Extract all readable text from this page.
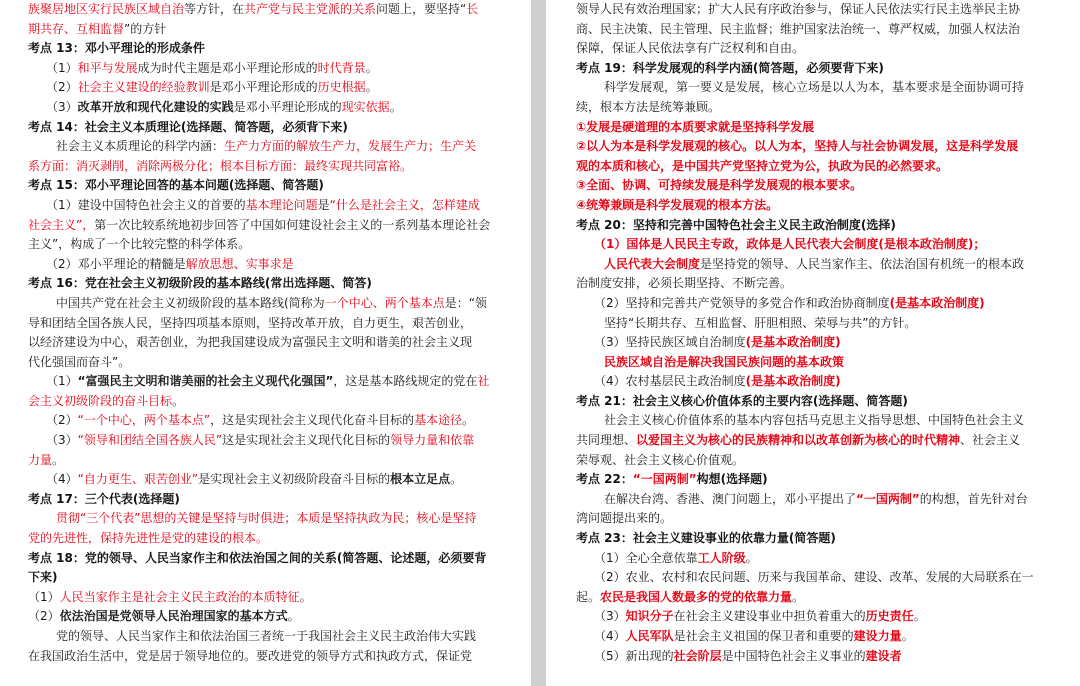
族聚居地区实行民族区域自治等方针，在共产党与民主党派的关系问题上，要坚持“长
期共存、互相监督”的方针
考点 13：邓小平理论的形成条件
（1）和平与发展成为时代主题是邓小平理论形成的时代背景。
（2）社会主义建设的经验教训是邓小平理论形成的历史根据。
（3）改革开放和现代化建设的实践是邓小平理论形成的现实依据。
考点 14：社会主义本质理论(选择题、简答题，必须背下来)
社会主义本质理论的科学内涵：生产力方面的解放生产力，发展生产力；生产关
系方面：消灭剥削，消除两极分化；根本目标方面：最终实现共同富裕。
考点 15：邓小平理论回答的基本问题(选择题、简答题)
（1）建设中国特色社会主义的首要的基本理论问题是“什么是社会主义，怎样建成
社会主义”，第一次比较系统地初步回答了中国如何建设社会主义的一系列基本理论社会
主义”，构成了一个比较完整的科学体系。
（2）邓小平理论的精髓是解放思想、实事求是
考点 16：党在社会主义初级阶段的基本路线(常出选择题、简答)
中国共产党在社会主义初级阶段的基本路线(简称为一个中心、两个基本点是：“领
导和团结全国各族人民，坚持四项基本原则，坚持改革开放，自力更生，艰苦创业，
以经济建设为中心，艰苦创业，为把我国建设成为富强民主文明和谐美的社会主义现
代化强国而奋斗”。
（1）“富强民主文明和谐美丽的社会主义现代化强国”，这是基本路线规定的党在社
会主义初级阶段的奋斗目标。
（2）“一个中心，两个基本点”，这是实现社会主义现代化奋斗目标的基本途径。
（3）“领导和团结全国各族人民”这是实现社会主义现代化目标的领导力量和依靠
力量。
（4）“自力更生、艰苦创业”是实现社会主义初级阶段奋斗目标的根本立足点。
考点 17：三个代表(选择题)
贯彻“三个代表”思想的关键是坚持与时俱进；本质是坚持执政为民；核心是坚持
党的先进性，保持先进性是党的建设的根本。
考点 18：党的领导、人民当家作主和依法治国之间的关系(简答题、论述题，必须要背
下来)
（1）人民当家作主是社会主义民主政治的本质特征。
（2）依法治国是党领导人民治理国家的基本方式。
党的领导、人民当家作主和依法治国三者统一于我国社会主义民主政治伟大实践
在我国政治生活中，党是居于领导地位的。要改进党的领导方式和执政方式，保证党
领导人民有效治理国家；扩大人民有序政治参与，保证人民依法实行民主选举民主协
商、民主决策、民主管理、民主监督；维护国家法治统一、尊严权威，加强人权法治
保障，保证人民依法享有广泛权利和自由。
考点 19：科学发展观的科学内涵(简答题，必须要背下来)
科学发展观，第一要义是发展，核心立场是以人为本，基本要求是全面协调可持
续，根本方法是统筹兼顾。
①发展是硬道理的本质要求就是坚持科学发展
②以人为本是科学发展观的核心。以人为本，坚持人与社会协调发展，这是科学发展
观的本质和核心，是中国共产党坚持立党为公，执政为民的必然要求。
③全面、协调、可持续发展是科学发展观的根本要求。
④统筹兼顾是科学发展观的根本方法。
考点 20：坚持和完善中国特色社会主义民主政治制度(选择)
（1）国体是人民民主专政，政体是人民代表大会制度(是根本政治制度)；
人民代表大会制度是坚持党的领导、人民当家作主、依法治国有机统一的根本政
治制度安排，必须长期坚持、不断完善。
（2）坚持和完善共产党领导的多党合作和政治协商制度(是基本政治制度)
坚持“长期共存、互相监督、肝胆相照、荣辱与共”的方针。
（3）坚持民族区域自治制度(是基本政治制度)
民族区域自治是解决我国民族问题的基本政策
（4）农村基层民主政治制度(是基本政治制度)
考点 21：社会主义核心价值体系的主要内容(选择题、简答题)
社会主义核心价值体系的基本内容包括马克思主义指导思想、中国特色社会主义
共同理想、以爱国主义为核心的民族精神和以改革创新为核心的时代精神、社会主义
荣辱观、社会主义核心价值观。
考点 22：“一国两制”构想(选择题)
在解决台湾、香港、澳门问题上，邓小平提出了“一国两制”的构想，首先针对台
湾问题提出来的。
考点 23：社会主义建设事业的依靠力量(简答题)
（1）全心全意依靠工人阶级。
（2）农业、农村和农民问题、历来与我国革命、建设、改革、发展的大局联系在一
起。农民是我国人数最多的党的依靠力量。
（3）知识分子在社会主义建设事业中担负着重大的历史责任。
（4）人民军队是社会主义祖国的保卫者和重要的建设力量。
（5）新出现的社会阶层是中国特色社会主义事业的建设者
